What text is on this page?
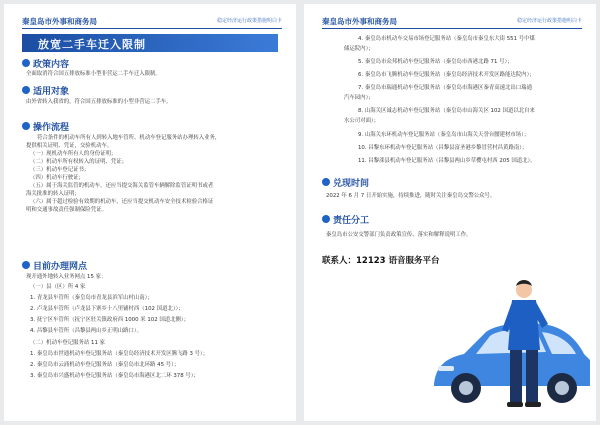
秦皇岛市外事和商务局	稳定经济运行政策措施明白卡
放宽二手车迁入限制
政策内容
全面取消符合国五排放标准小型非营运二手车迁入限制。
适用对象
由外省转入我省的，符合国五排放标准的小型非营运二手车。
操作流程
符合条件的机动车所有人到转入地车管所、机动车登记服务站办理转入业务，
提供相关证明、凭证，交验机动车。
（一）现机动车所有人的身份证明；
（二）机动车所有权转入的证明、凭证；
（三）机动车登记证书；
（四）机动车行驶证；
（五）属于海关监管的机动车，还应当提交海关监管车辆解除监管证明书或者
海关批准的转入证明；
（六）属于超过检验有效期的机动车，还应当提交机动车安全技术检验合格证
明和交通事故责任强制保险凭证。
目前办理网点
现开通外地转入业务网点 15 家：
（一）县（区）所 4 家
1. 青龙县车管所（秦皇岛市青龙县滨军山村山南）；
2. 卢龙县车管所（卢龙县下寨乡十八里铺村西（102 国道北））；
3. 抚宁区车管所（抚宁区驻关镇政府西 1000 米 102 国道北侧）；
4. 昌黎县车管所（昌黎县两山乡正明山路口）。
（二）机动车登记服务站 11 家
1. 秦皇岛市世通机动车登记服务站（秦皇岛经济技术开发区腾飞路 3 号）；
2. 秦皇岛市云涌机动车登记服务站（秦皇岛市北环路 45 号）；
3. 秦皇岛市兴盛机动车登记服务站（秦皇岛市海港区北二环 378 号）；
秦皇岛市外事和商务局	稳定经济运行政策措施明白卡
4. 秦皇岛市机动车交易市场登记服务站（秦皇岛市秦皇东大街 551 号中煤
储运院内）；
5. 秦皇岛市众邦机动车登记服务站（秦皇岛市西港北路 71 号）；
6. 秦皇岛市飞腾机动车登记服务站（秦皇岛经济技术开发区路能达院内）；
7. 秦皇岛市瑞通机动车登记服务站（秦皇岛市海港区秦青高速北出口瑞通
汽车园内）；
8. 山海关区诚志机动车登记服务站（秦皇岛市山海关区 102 国道以北自来
水公司对面）；
9. 山海关东环机动车登记服务站（秦皇岛市山海关天誉台腰建材市场）；
10. 昌黎东环机动车登记服务站（昌黎县富圣港乡黎冒营村昌黄路南）；
11. 昌黎滦县机动车登记服务站（昌黎县两山乡草樱屯村西 205 国道北）。
兑现时间
2022 年 6 月 7 日开始实施，持续推进，随时关注秦皇岛交警公众号。
责任分工
秦皇岛市公安交警部门负责政策宣传、落实和解释说明工作。
联系人：12123 语音服务平台
